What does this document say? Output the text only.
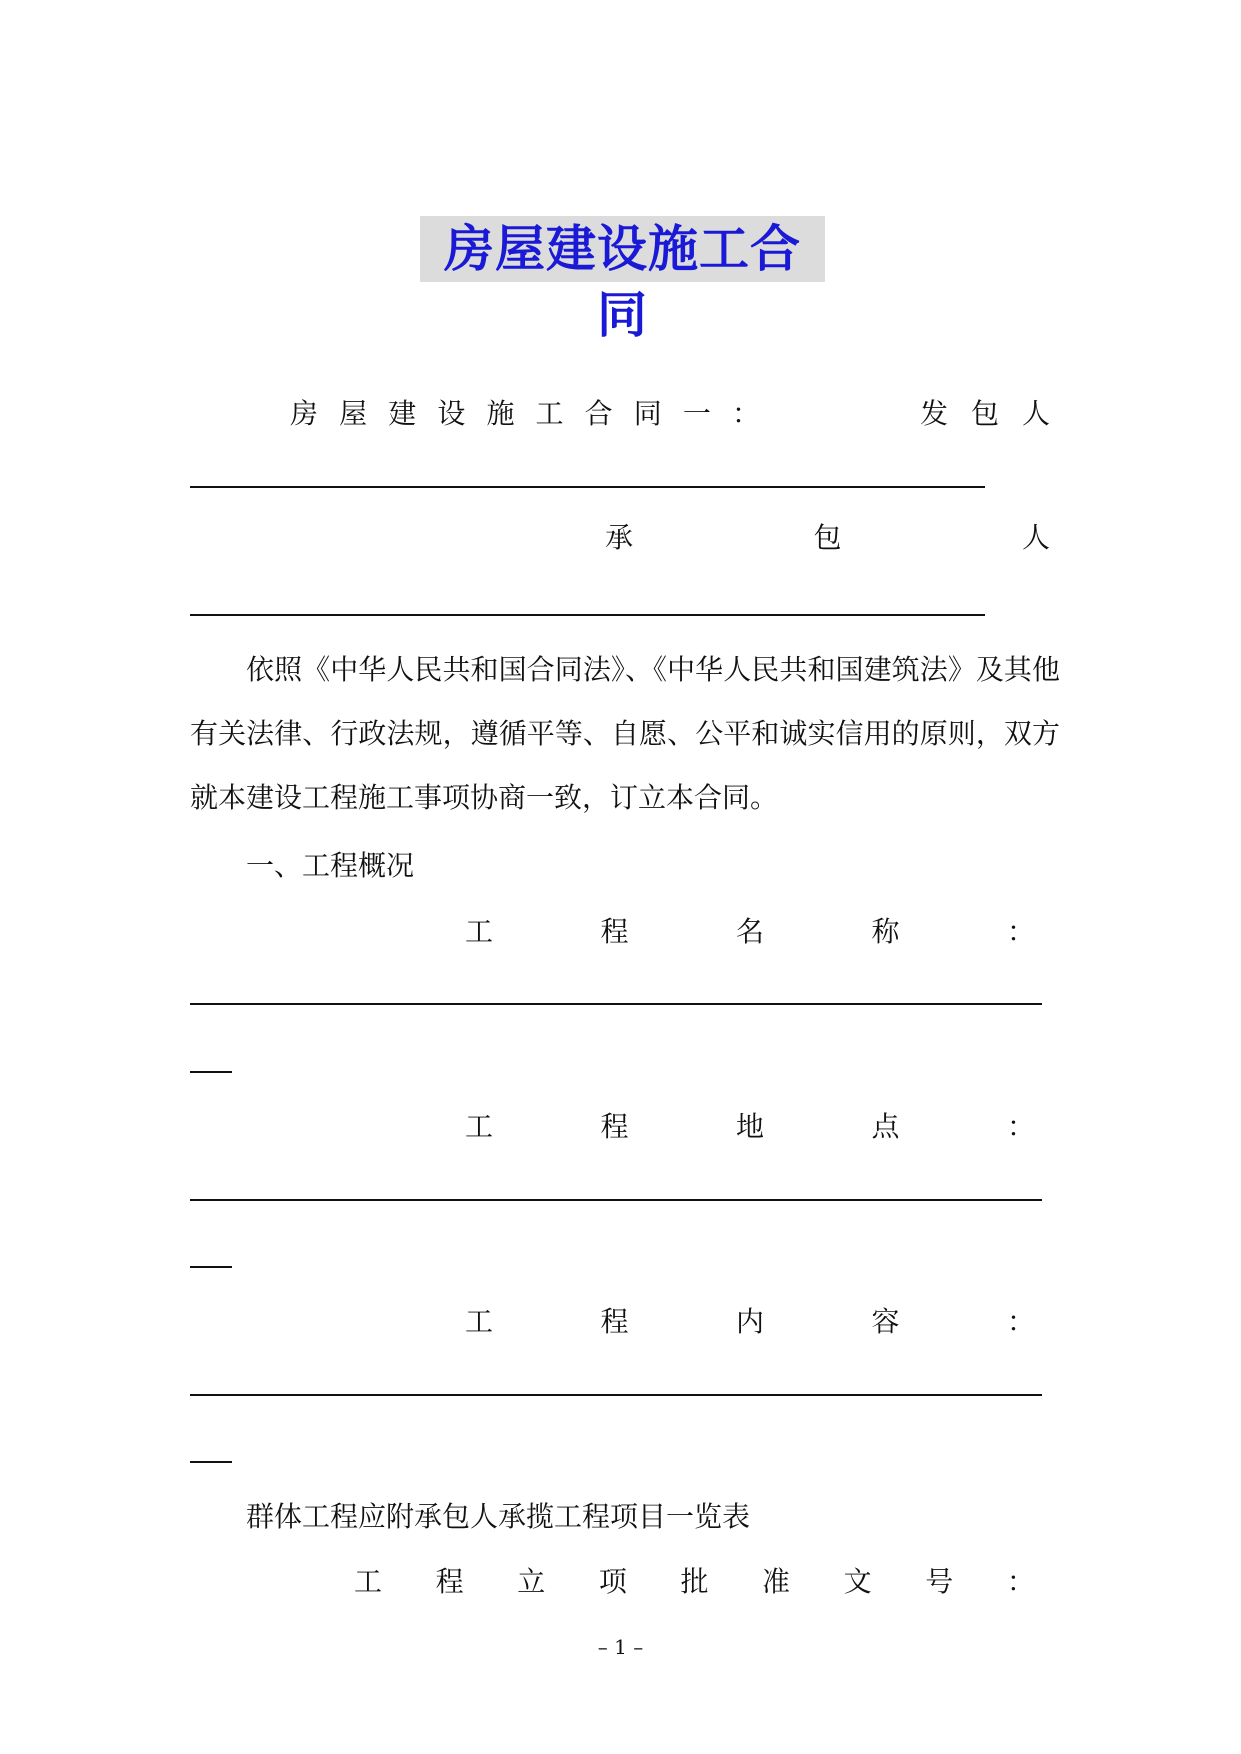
房屋建设施工合同
房 屋 建 设 施 工 合 同 一 ：	发 包 人
承	包	人
依照《中华人民共和国合同法》、《中华人民共和国建筑法》及其他有关法律、行政法规，遵循平等、自愿、公平和诚实信用的原则，双方就本建设工程施工事项协商一致，订立本合同。
一、工程概况
工	程	名	称	：
工	程	地	点	：
工	程	内	容	：
群体工程应附承包人承揽工程项目一览表
工 程 立 项 批 准 文 号 ：
– 1 –
